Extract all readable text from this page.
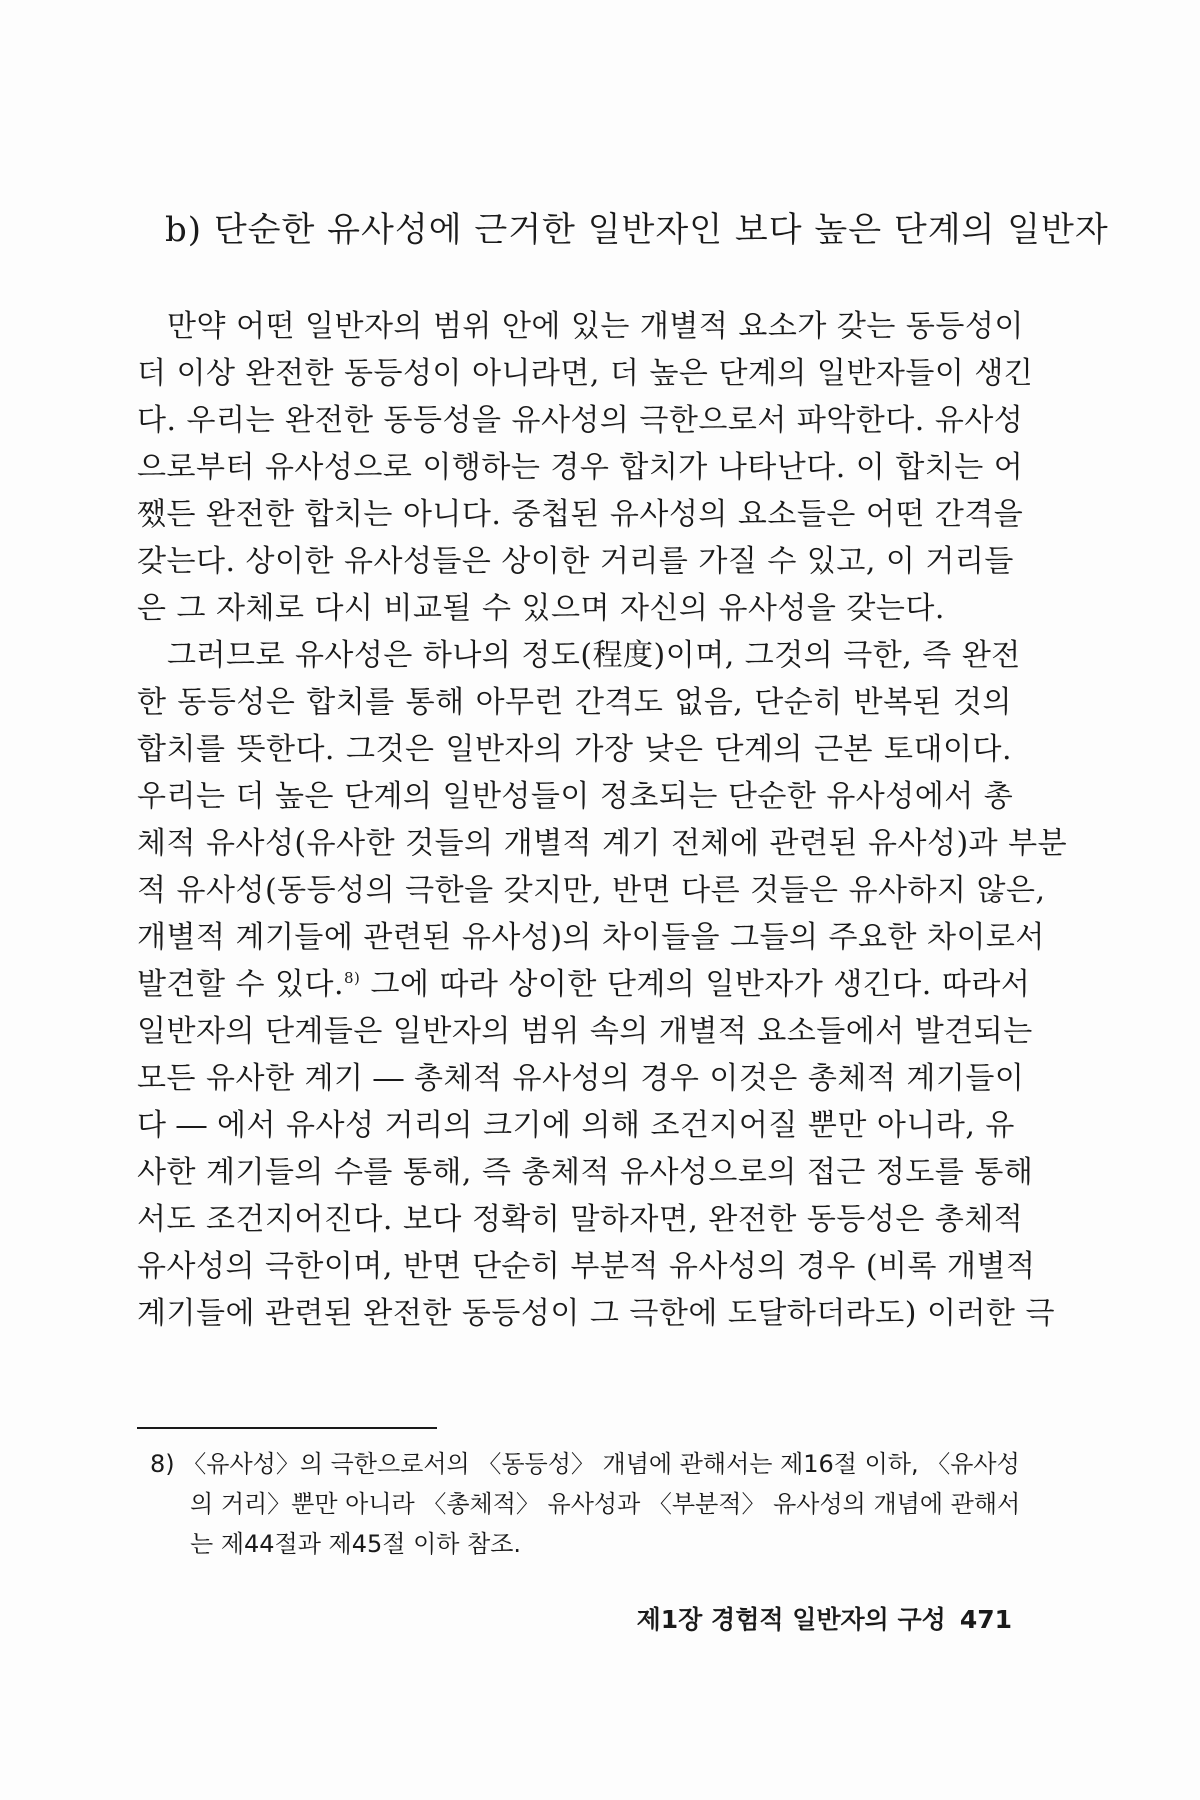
b) 단순한 유사성에 근거한 일반자인 보다 높은 단계의 일반자

만약 어떤 일반자의 범위 안에 있는 개별적 요소가 갖는 동등성이
더 이상 완전한 동등성이 아니라면, 더 높은 단계의 일반자들이 생긴
다. 우리는 완전한 동등성을 유사성의 극한으로서 파악한다. 유사성
으로부터 유사성으로 이행하는 경우 합치가 나타난다. 이 합치는 어
쨌든 완전한 합치는 아니다. 중첩된 유사성의 요소들은 어떤 간격을
갖는다. 상이한 유사성들은 상이한 거리를 가질 수 있고, 이 거리들
은 그 자체로 다시 비교될 수 있으며 자신의 유사성을 갖는다.

그러므로 유사성은 하나의 정도(程度)이며, 그것의 극한, 즉 완전
한 동등성은 합치를 통해 아무런 간격도 없음, 단순히 반복된 것의
합치를 뜻한다. 그것은 일반자의 가장 낮은 단계의 근본 토대이다.
우리는 더 높은 단계의 일반성들이 정초되는 단순한 유사성에서 총
체적 유사성(유사한 것들의 개별적 계기 전체에 관련된 유사성)과 부분
적 유사성(동등성의 극한을 갖지만, 반면 다른 것들은 유사하지 않은,
개별적 계기들에 관련된 유사성)의 차이들을 그들의 주요한 차이로서
발견할 수 있다.$^{8)}$ 그에 따라 상이한 단계의 일반자가 생긴다. 따라서
일반자의 단계들은 일반자의 범위 속의 개별적 요소들에서 발견되는
모든 유사한 계기 ― 총체적 유사성의 경우 이것은 총체적 계기들이
다 ― 에서 유사성 거리의 크기에 의해 조건지어질 뿐만 아니라, 유
사한 계기들의 수를 통해, 즉 총체적 유사성으로의 접근 정도를 통해
서도 조건지어진다. 보다 정확히 말하자면, 완전한 동등성은 총체적
유사성의 극한이며, 반면 단순히 부분적 유사성의 경우 (비록 개별적
계기들에 관련된 완전한 동등성이 그 극한에 도달하더라도) 이러한 극

8) 〈유사성〉의 극한으로서의 〈동등성〉 개념에 관해서는 제16절 이하, 〈유사성
의 거리〉뿐만 아니라 〈총체적〉 유사성과 〈부분적〉 유사성의 개념에 관해서
는 제44절과 제45절 이하 참조.
제1장 경험적 일반자의 구성 471
